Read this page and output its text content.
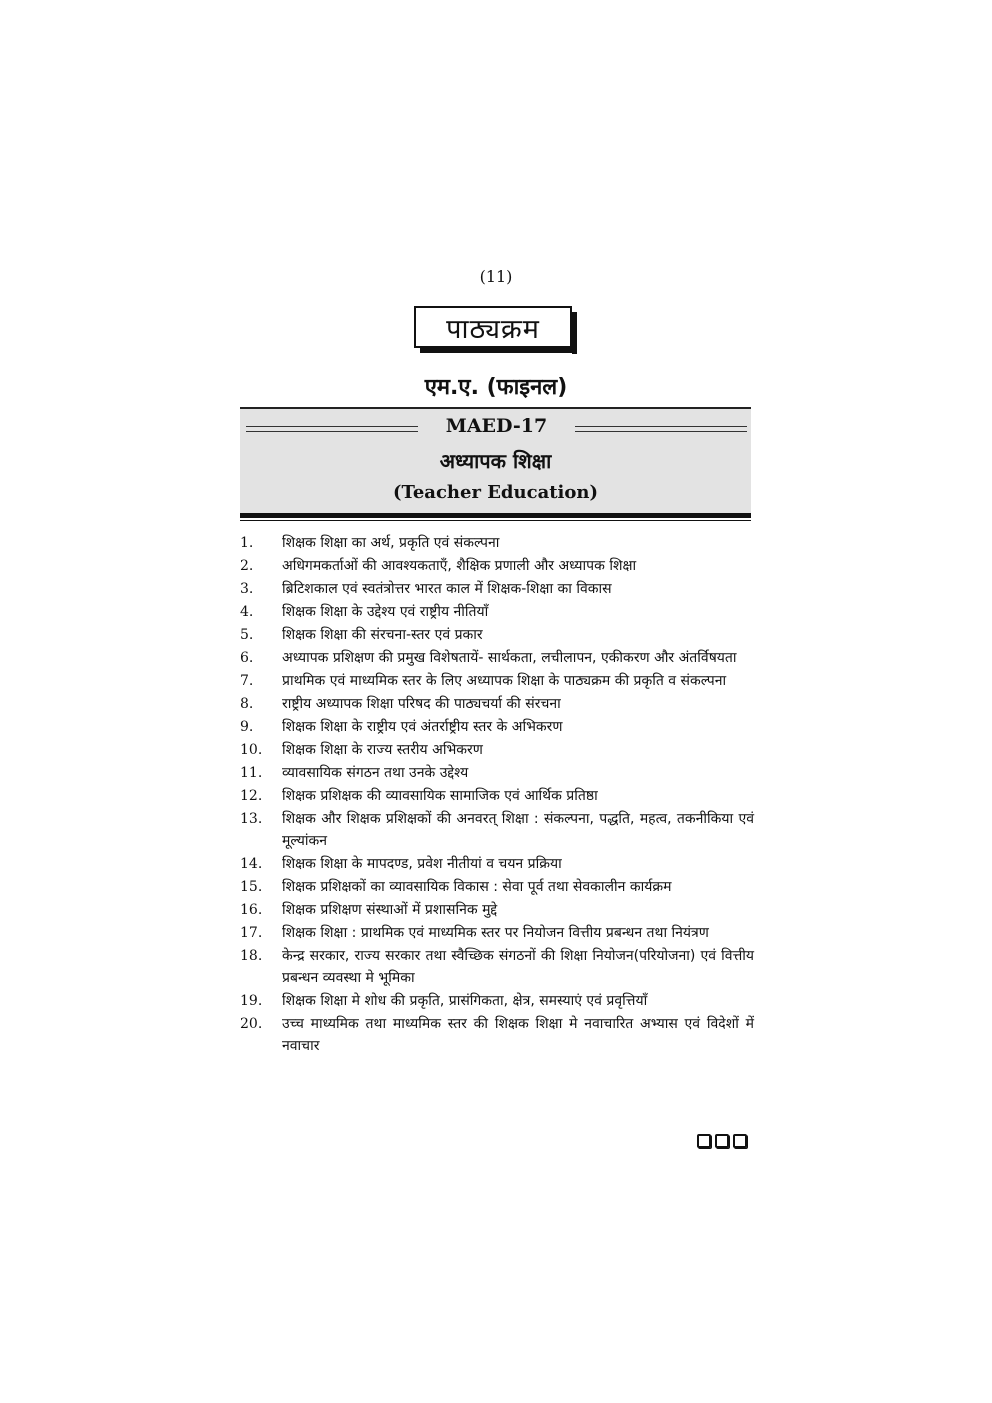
(11)
पाठ्यक्रम
एम.ए. (फाइनल)
MAED-17
अध्यापक शिक्षा
(Teacher Education)
1.	शिक्षक शिक्षा का अर्थ, प्रकृति एवं संकल्पना
2.	अधिगमकर्ताओं की आवश्यकताएँ, शैक्षिक प्रणाली और अध्यापक शिक्षा
3.	ब्रिटिशकाल एवं स्वतंत्रोत्तर भारत काल में शिक्षक-शिक्षा का विकास
4.	शिक्षक शिक्षा के उद्देश्य एवं राष्ट्रीय नीतियाँ
5.	शिक्षक शिक्षा की संरचना-स्तर एवं प्रकार
6.	अध्यापक प्रशिक्षण की प्रमुख विशेषतायें- सार्थकता, लचीलापन, एकीकरण और अंतर्विषयता
7.	प्राथमिक एवं माध्यमिक स्तर के लिए अध्यापक शिक्षा के पाठ्यक्रम की प्रकृति व संकल्पना
8.	राष्ट्रीय अध्यापक शिक्षा परिषद की पाठ्यचर्या की संरचना
9.	शिक्षक शिक्षा के राष्ट्रीय एवं अंतर्राष्ट्रीय स्तर के अभिकरण
10.	शिक्षक शिक्षा के राज्य स्तरीय अभिकरण
11.	व्यावसायिक संगठन तथा उनके उद्देश्य
12.	शिक्षक प्रशिक्षक की व्यावसायिक सामाजिक एवं आर्थिक प्रतिष्ठा
13.	शिक्षक और शिक्षक प्रशिक्षकों की अनवरत् शिक्षा : संकल्पना, पद्धति, महत्व, तकनीकिया एवं मूल्यांकन
14.	शिक्षक शिक्षा के मापदण्ड, प्रवेश नीतीयां व चयन प्रक्रिया
15.	शिक्षक प्रशिक्षकों का व्यावसायिक विकास : सेवा पूर्व तथा सेवकालीन कार्यक्रम
16.	शिक्षक प्रशिक्षण संस्थाओं में प्रशासनिक मुद्दे
17.	शिक्षक शिक्षा : प्राथमिक एवं माध्यमिक स्तर पर नियोजन वित्तीय प्रबन्धन तथा नियंत्रण
18.	केन्द्र सरकार, राज्य सरकार तथा स्वैच्छिक संगठनों की शिक्षा नियोजन(परियोजना) एवं वित्तीय प्रबन्धन व्यवस्था मे भूमिका
19.	शिक्षक शिक्षा मे शोध की प्रकृति, प्रासंगिकता, क्षेत्र, समस्याएं एवं प्रवृत्तियाँ
20.	उच्च माध्यमिक तथा माध्यमिक स्तर की शिक्षक शिक्षा मे नवाचारित अभ्यास एवं विदेशों में नवाचार
